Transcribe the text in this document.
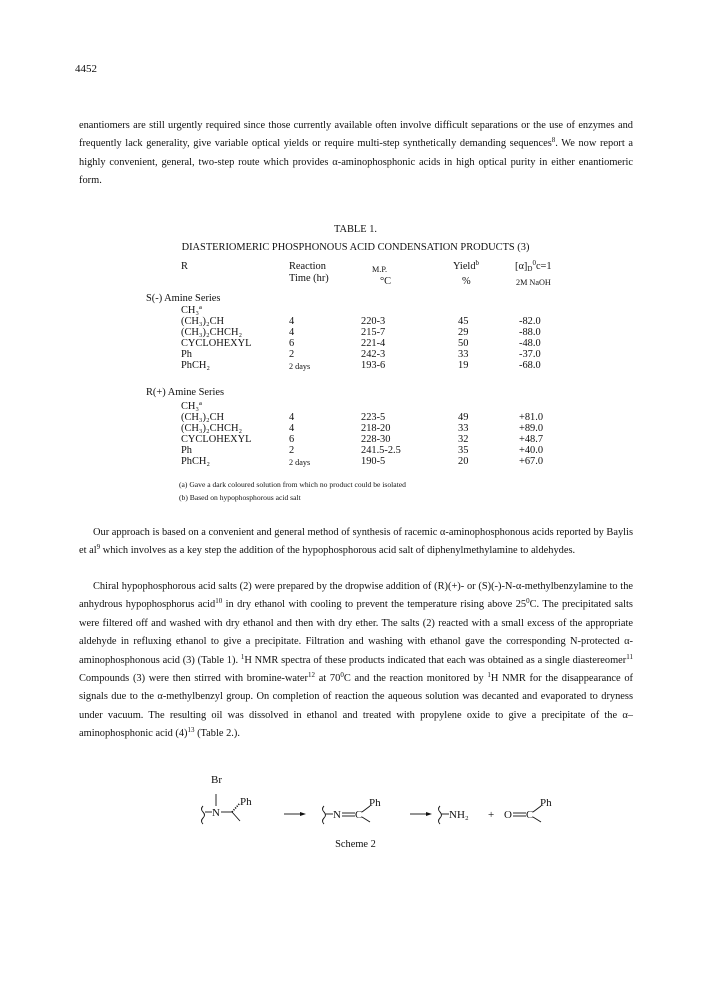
4452

enantiomers are still urgently required since those currently available often involve difficult separations or the use of enzymes and frequently lack generality, give variable optical yields or require multi-step synthetically demanding sequences$^8$. We now report a highly convenient, general, two-step route which provides α-aminophosphonic acids in high optical purity in either enantiomeric form.

TABLE 1.
DIASTERIOMERIC PHOSPHONOUS ACID CONDENSATION PRODUCTS (3)
R	Reaction
Time (hr)
M.P.
°C
Yield$^b$
%
$[\alpha]_D^0c=1$
2M NaOH
S(-) Amine Series
CH₃ª
(CH₃)₂CH	4	220-3	45	-82.0
(CH₃)₂CHCH₂	4	215-7	29	-88.0
CYCLOHEXYL	6	221-4	50	-48.0
Ph	2	242-3	33	-37.0
PhCH₂	2 days	193-6	19	-68.0
R(+) Amine Series
CH₃ª
(CH₃)₂CH	4	223-5	49	+81.0
(CH₃)₂CHCH₂	4	218-20	33	+89.0
CYCLOHEXYL	6	228-30	32	+48.7
Ph	2	241.5-2.5	35	+40.0
PhCH₂	2 days	190-5	20	+67.0
(a) Gave a dark coloured solution from which no product could be isolated
(b) Based on hypophosphorous acid salt

Our approach is based on a convenient and general method of synthesis of racemic α-aminophosphonous acids reported by Baylis et $al^9$ which involves as a key step the addition of the hypophosphorous acid salt of diphenylmethylamine to aldehydes.

Chiral hypophosphorous acid salts (2) were prepared by the dropwise addition of (R)(+)- or (S)(-)-N-α-methylbenzylamine to the anhydrous hypophosphorus acid$^{10}$ in dry ethanol with cooling to prevent the temperature rising above $25^0C$. The precipitated salts were filtered off and washed with dry ethanol and then with dry ether. The salts (2) reacted with a small excess of the appropriate aldehyde in refluxing ethanol to give a precipitate. Filtration and washing with ethanol gave the corresponding N-protected α-aminophosphonous acid (3) (Table 1). $^1$H NMR spectra of these products indicated that each was obtained as a single diastereomer$^{11}$ Compounds (3) were then stirred with bromine-water$^{12}$ at $70^0C$ and the reaction monitored by $^1$H NMR for the disappearance of signals due to the α-methylbenzyl group. On completion of reaction the aqueous solution was decanted and evaporated to dryness under vacuum. The resulting oil was dissolved in ethanol and treated with propylene oxide to give a precipitate of the α–aminophosphonic acid $(4)^{13}$ (Table 2.).

N
Br
Ph
N C
Ph
NH₂ + O C
Ph
Scheme 2
